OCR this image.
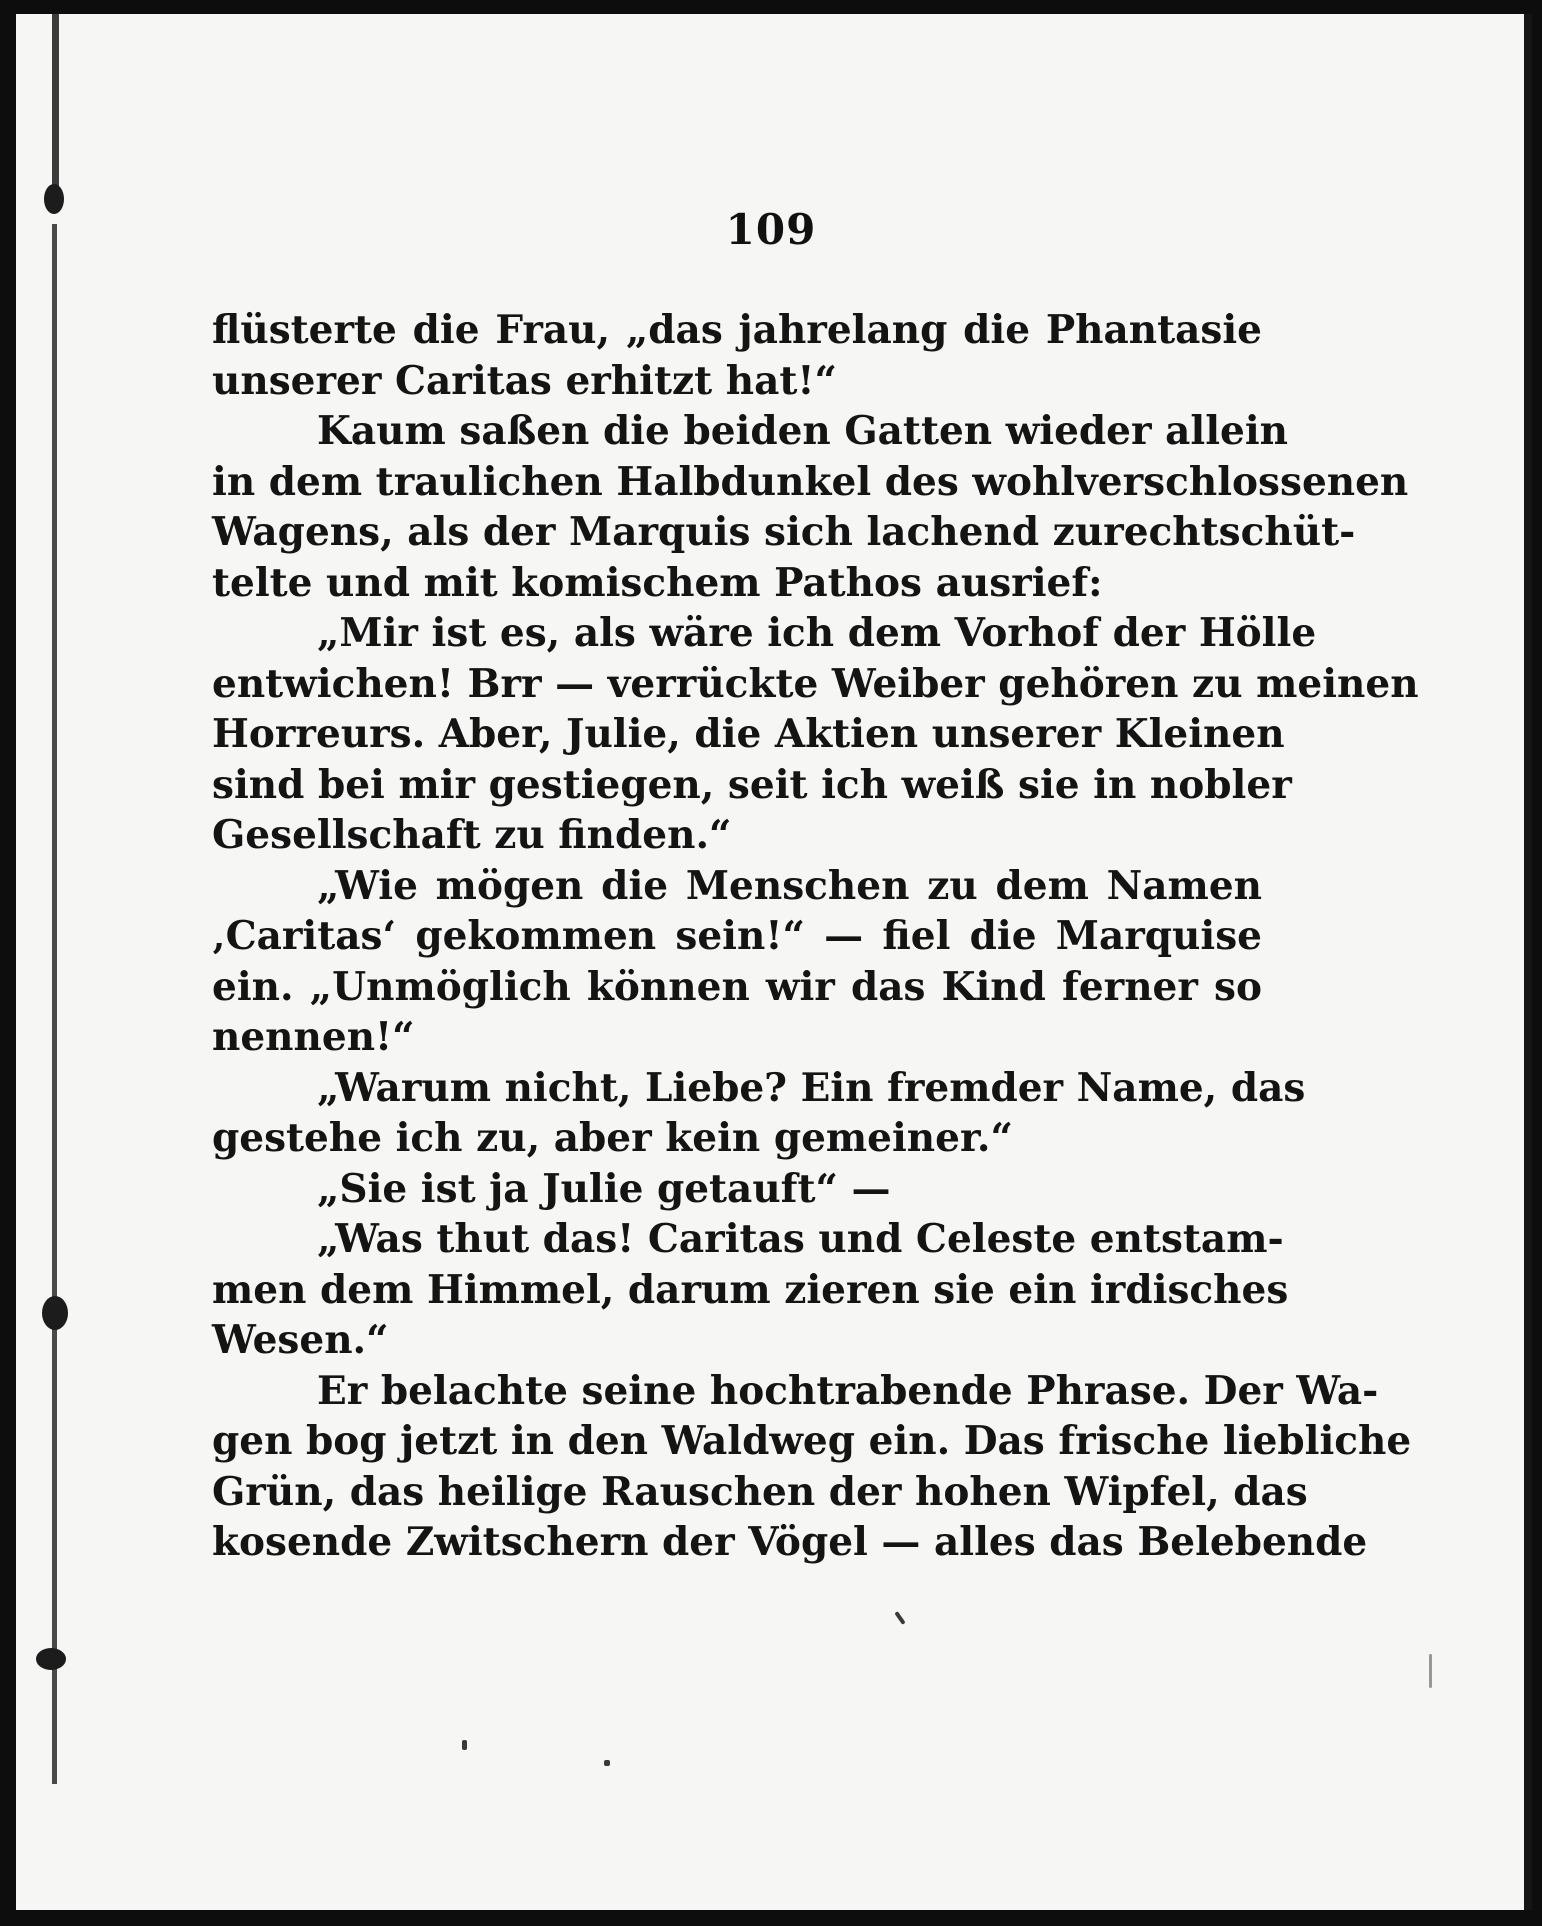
109
flüsterte die Frau, „das jahrelang die Phantasie
unserer Caritas erhitzt hat!“
Kaum saßen die beiden Gatten wieder allein
in dem traulichen Halbdunkel des wohlverschlossenen
Wagens, als der Marquis sich lachend zurechtschüt-
telte und mit komischem Pathos ausrief:
„Mir ist es, als wäre ich dem Vorhof der Hölle
entwichen! Brr — verrückte Weiber gehören zu meinen
Horreurs. Aber, Julie, die Aktien unserer Kleinen
sind bei mir gestiegen, seit ich weiß sie in nobler
Gesellschaft zu finden.“
„Wie mögen die Menschen zu dem Namen
‚Caritas‘ gekommen sein!“ — fiel die Marquise
ein. „Unmöglich können wir das Kind ferner so
nennen!“
„Warum nicht, Liebe? Ein fremder Name, das
gestehe ich zu, aber kein gemeiner.“
„Sie ist ja Julie getauft“ —
„Was thut das! Caritas und Celeste entstam-
men dem Himmel, darum zieren sie ein irdisches
Wesen.“
Er belachte seine hochtrabende Phrase. Der Wa-
gen bog jetzt in den Waldweg ein. Das frische liebliche
Grün, das heilige Rauschen der hohen Wipfel, das
kosende Zwitschern der Vögel — alles das Belebende
